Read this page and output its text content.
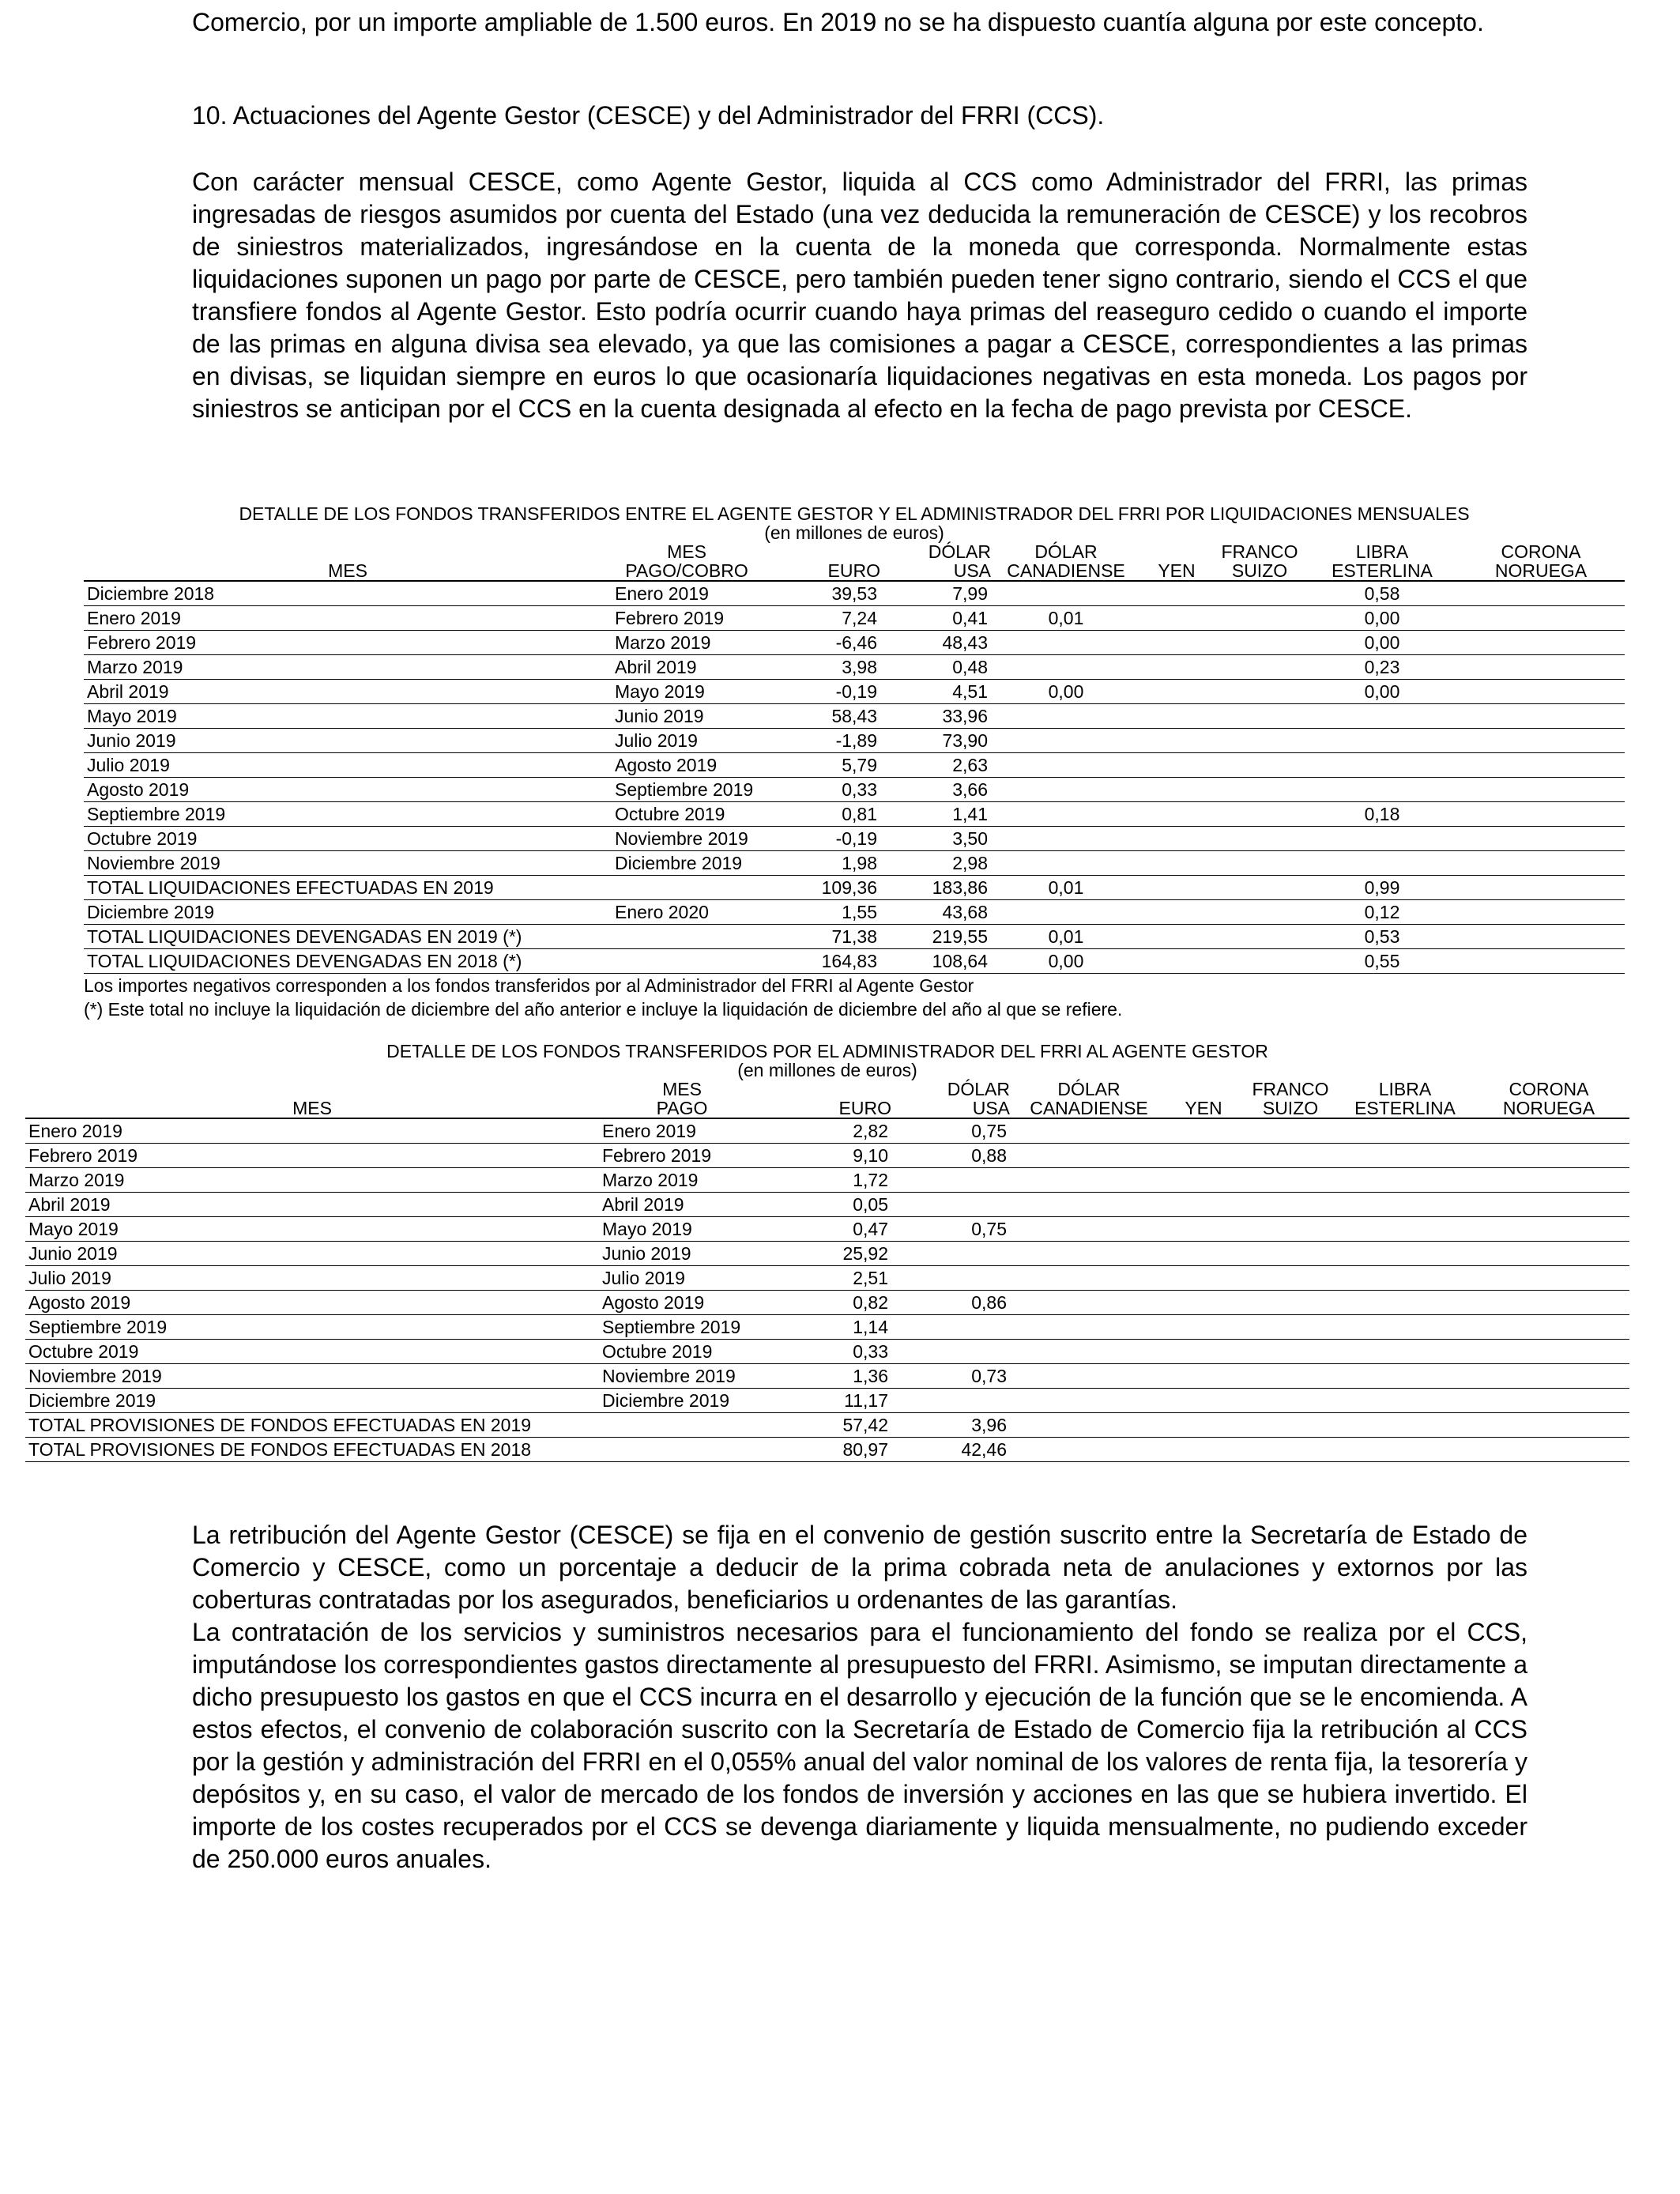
Comercio, por un importe ampliable de 1.500 euros. En 2019 no se ha dispuesto cuantía alguna por este concepto.

10. Actuaciones del Agente Gestor (CESCE) y del Administrador del FRRI (CCS).

Con carácter mensual CESCE, como Agente Gestor, liquida al CCS como Administrador del FRRI, las primas ingresadas de riesgos asumidos por cuenta del Estado (una vez deducida la remuneración de CESCE) y los recobros de siniestros materializados, ingresándose en la cuenta de la moneda que corresponda. Normalmente estas liquidaciones suponen un pago por parte de CESCE, pero también pueden tener signo contrario, siendo el CCS el que transfiere fondos al Agente Gestor. Esto podría ocurrir cuando haya primas del reaseguro cedido o cuando el importe de las primas en alguna divisa sea elevado, ya que las comisiones a pagar a CESCE, correspondientes a las primas en divisas, se liquidan siempre en euros lo que ocasionaría liquidaciones negativas en esta moneda. Los pagos por siniestros se anticipan por el CCS en la cuenta designada al efecto en la fecha de pago prevista por CESCE.

DETALLE DE LOS FONDOS TRANSFERIDOS ENTRE EL AGENTE GESTOR Y EL ADMINISTRADOR DEL FRRI POR LIQUIDACIONES MENSUALES

(en millones de euros)

	MES		DÓLAR	DÓLAR		FRANCO	LIBRA	CORONA
MES	PAGO/COBRO	EURO	USA	CANADIENSE	YEN	SUIZO	ESTERLINA	NORUEGA
Diciembre 2018	Enero 2019	39,53	7,99				0,58	
Enero 2019	Febrero 2019	7,24	0,41	0,01			0,00	
Febrero 2019	Marzo 2019	-6,46	48,43				0,00	
Marzo 2019	Abril 2019	3,98	0,48				0,23	
Abril 2019	Mayo 2019	-0,19	4,51	0,00			0,00	
Mayo 2019	Junio 2019	58,43	33,96					
Junio 2019	Julio 2019	-1,89	73,90					
Julio 2019	Agosto 2019	5,79	2,63					
Agosto 2019	Septiembre 2019	0,33	3,66					
Septiembre 2019	Octubre 2019	0,81	1,41				0,18	
Octubre 2019	Noviembre 2019	-0,19	3,50					
Noviembre 2019	Diciembre 2019	1,98	2,98					
TOTAL LIQUIDACIONES EFECTUADAS EN 2019		109,36	183,86	0,01			0,99	
Diciembre 2019	Enero 2020	1,55	43,68				0,12	
TOTAL LIQUIDACIONES DEVENGADAS EN 2019 (*)		71,38	219,55	0,01			0,53	
TOTAL LIQUIDACIONES DEVENGADAS EN 2018 (*)		164,83	108,64	0,00			0,55	

Los importes negativos corresponden a los fondos transferidos por al Administrador del FRRI al Agente Gestor

(*) Este total no incluye la liquidación de diciembre del año anterior e incluye la liquidación de diciembre del año al que se refiere.

DETALLE DE LOS FONDOS TRANSFERIDOS POR EL ADMINISTRADOR DEL FRRI AL AGENTE GESTOR

(en millones de euros)

	MES		DÓLAR	DÓLAR		FRANCO	LIBRA	CORONA
MES	PAGO	EURO	USA	CANADIENSE	YEN	SUIZO	ESTERLINA	NORUEGA
Enero 2019	Enero 2019	2,82	0,75					
Febrero 2019	Febrero 2019	9,10	0,88					
Marzo 2019	Marzo 2019	1,72						
Abril 2019	Abril 2019	0,05						
Mayo 2019	Mayo 2019	0,47	0,75					
Junio 2019	Junio 2019	25,92						
Julio 2019	Julio 2019	2,51						
Agosto 2019	Agosto 2019	0,82	0,86					
Septiembre 2019	Septiembre 2019	1,14						
Octubre 2019	Octubre 2019	0,33						
Noviembre 2019	Noviembre 2019	1,36	0,73					
Diciembre 2019	Diciembre 2019	11,17						
TOTAL PROVISIONES DE FONDOS EFECTUADAS EN 2019		57,42	3,96					
TOTAL PROVISIONES DE FONDOS EFECTUADAS EN 2018		80,97	42,46					

La retribución del Agente Gestor (CESCE) se fija en el convenio de gestión suscrito entre la Secretaría de Estado de Comercio y CESCE, como un porcentaje a deducir de la prima cobrada neta de anulaciones y extornos por las coberturas contratadas por los asegurados, beneficiarios u ordenantes de las garantías.

La contratación de los servicios y suministros necesarios para el funcionamiento del fondo se realiza por el CCS, imputándose los correspondientes gastos directamente al presupuesto del FRRI. Asimismo, se imputan directamente a dicho presupuesto los gastos en que el CCS incurra en el desarrollo y ejecución de la función que se le encomienda. A estos efectos, el convenio de colaboración suscrito con la Secretaría de Estado de Comercio fija la retribución al CCS por la gestión y administración del FRRI en el 0,055% anual del valor nominal de los valores de renta fija, la tesorería y depósitos y, en su caso, el valor de mercado de los fondos de inversión y acciones en las que se hubiera invertido. El importe de los costes recuperados por el CCS se devenga diariamente y liquida mensualmente, no pudiendo exceder de 250.000 euros anuales.
